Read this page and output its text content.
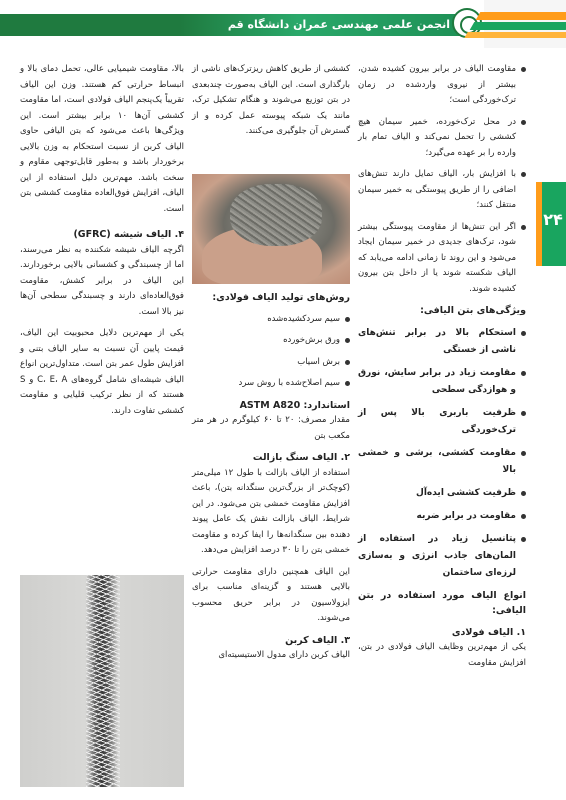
انجمن علمی مهندسی عمران دانشگاه قم
۲۴

مقاومت الیاف در برابر بیرون کشیده شدن، بیشتر از نیروی واردشده در زمان ترک‌خوردگی است؛

در محل ترک‌خورده، خمیر سیمان هیچ کششی را تحمل نمی‌کند و الیاف تمام بار وارده را بر عهده می‌گیرد؛

با افزایش بار، الیاف تمایل دارند تنش‌های اضافی را از طریق پیوستگی به خمیر سیمان منتقل کنند؛

اگر این تنش‌ها از مقاومت پیوستگی بیشتر شود، ترک‌های جدیدی در خمیر سیمان ایجاد می‌شود و این روند تا زمانی ادامه می‌یابد که الیاف شکسته شوند یا از داخل بتن بیرون کشیده شوند.

ویژگی‌های بتن الیافی:
استحکام بالا در برابر تنش‌های ناشی از خستگی
مقاومت زیاد در برابر سایش، نورق و هوازدگی سطحی
ظرفیت باربری بالا پس از ترک‌خوردگی
مقاومت کششی، برشی و خمشی بالا
ظرفیت کششی ایده‌آل
مقاومت در برابر ضربه
پتانسیل زیاد در استفاده از المان‌های جاذب انرژی و به‌سازی لرزه‌ای ساختمان
انواع الیاف مورد استفاده در بتن الیافی:
۱. الیاف فولادی

یکی از مهم‌ترین وظایف الیاف فولادی در بتن، افزایش مقاومت

کششی از طریق کاهش ریزترک‌های ناشی از بارگذاری است. این الیاف به‌صورت چندبعدی در بتن توزیع می‌شوند و هنگام تشکیل ترک، مانند یک شبکه پیوسته عمل کرده و از گسترش آن جلوگیری می‌کنند.

روش‌های تولید الیاف فولادی:

سیم سردکشیده‌شده

ورق برش‌خورده

برش اسیاب

سیم اصلاح‌شده با روش سرد

استاندارد: ASTM A820

مقدار مصرف: ۲۰ تا ۶۰ کیلوگرم در هر متر مکعب بتن

۲. الیاف سنگ بازالت

استفاده از الیاف بازالت با طول ۱۲ میلی‌متر (کوچک‌تر از بزرگ‌ترین سنگدانه بتن)، باعث افزایش مقاومت خمشی بتن می‌شود. در این شرایط، الیاف بازالت نقش یک عامل پیوند دهنده بین سنگدانه‌ها را ایفا کرده و مقاومت خمشی بتن را تا ۳۰ درصد افزایش می‌دهد.

این الیاف همچنین دارای مقاومت حرارتی بالایی هستند و گزینه‌ای مناسب برای ایزولاسیون در برابر حریق محسوب می‌شوند.

۳. الیاف کربن

الیاف کربن دارای مدول الاستیسیته‌ای

بالا، مقاومت شیمیایی عالی، تحمل دمای بالا و انبساط حرارتی کم هستند. وزن این الیاف تقریباً یک‌پنجم الیاف فولادی است، اما مقاومت کششی آن‌ها ۱۰ برابر بیشتر است. این ویژگی‌ها باعث می‌شود که بتن الیافی حاوی الیاف کربن از نسبت استحکام به وزن بالایی برخوردار باشد و به‌طور قابل‌توجهی مقاوم و سخت باشد. مهم‌ترین دلیل استفاده از این الیاف، افزایش فوق‌العاده مقاومت کششی بتن است.

۴. الیاف شیشه (GFRC)

اگرچه الیاف شیشه شکننده به نظر می‌رسند، اما از چسبندگی و کشسانی بالایی برخوردارند. این الیاف در برابر کشش، مقاومت فوق‌العاده‌ای دارند و چسبندگی سطحی آن‌ها نیز بالا است.

یکی از مهم‌ترین دلایل محبوبیت این الیاف، قیمت پایین آن نسبت به سایر الیاف بتنی و افزایش طول عمر بتن است. متداول‌ترین انواع الیاف شیشه‌ای شامل گروه‌های C، E، A و S هستند که از نظر ترکیب قلیایی و مقاومت کششی تفاوت دارند.
